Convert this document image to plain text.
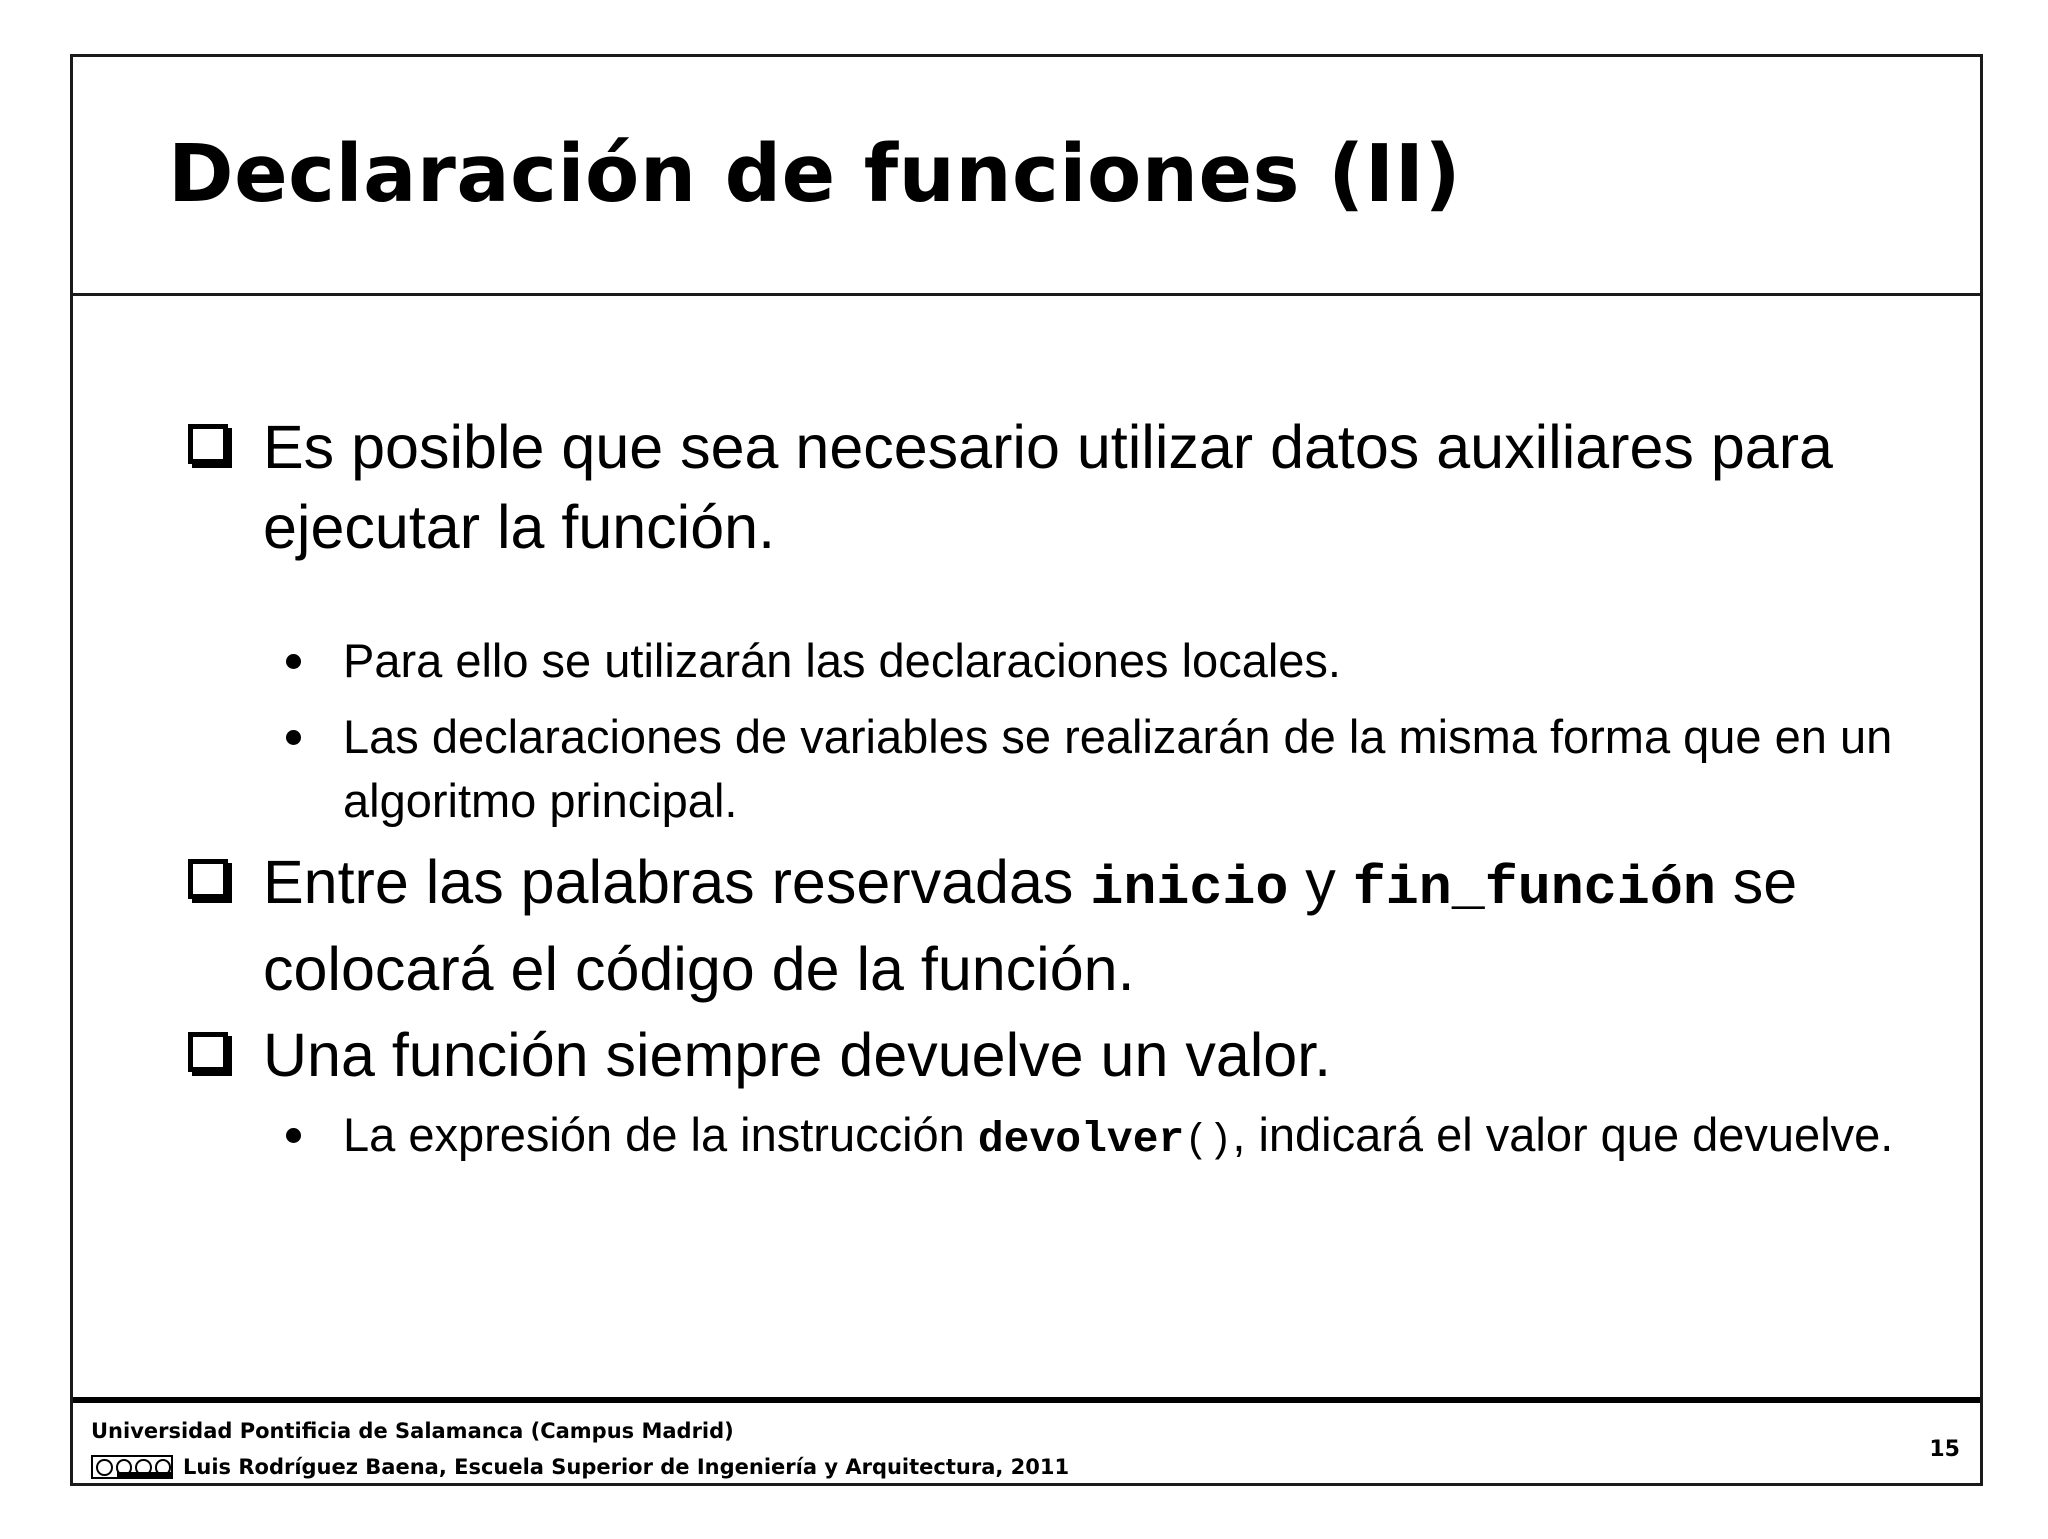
Declaración de funciones (II)
Es posible que sea necesario utilizar datos auxiliares para ejecutar la función.
Para ello se utilizarán las declaraciones locales.
Las declaraciones de variables se realizarán de la misma forma que en un algoritmo principal.
Entre las palabras reservadas inicio y fin_función se colocará el código de la función.
Una función siempre devuelve un valor.
La expresión de la instrucción devolver(), indicará el valor que devuelve.
Universidad Pontificia de Salamanca (Campus Madrid)
Luis Rodríguez Baena, Escuela Superior de Ingeniería y Arquitectura, 2011
15
